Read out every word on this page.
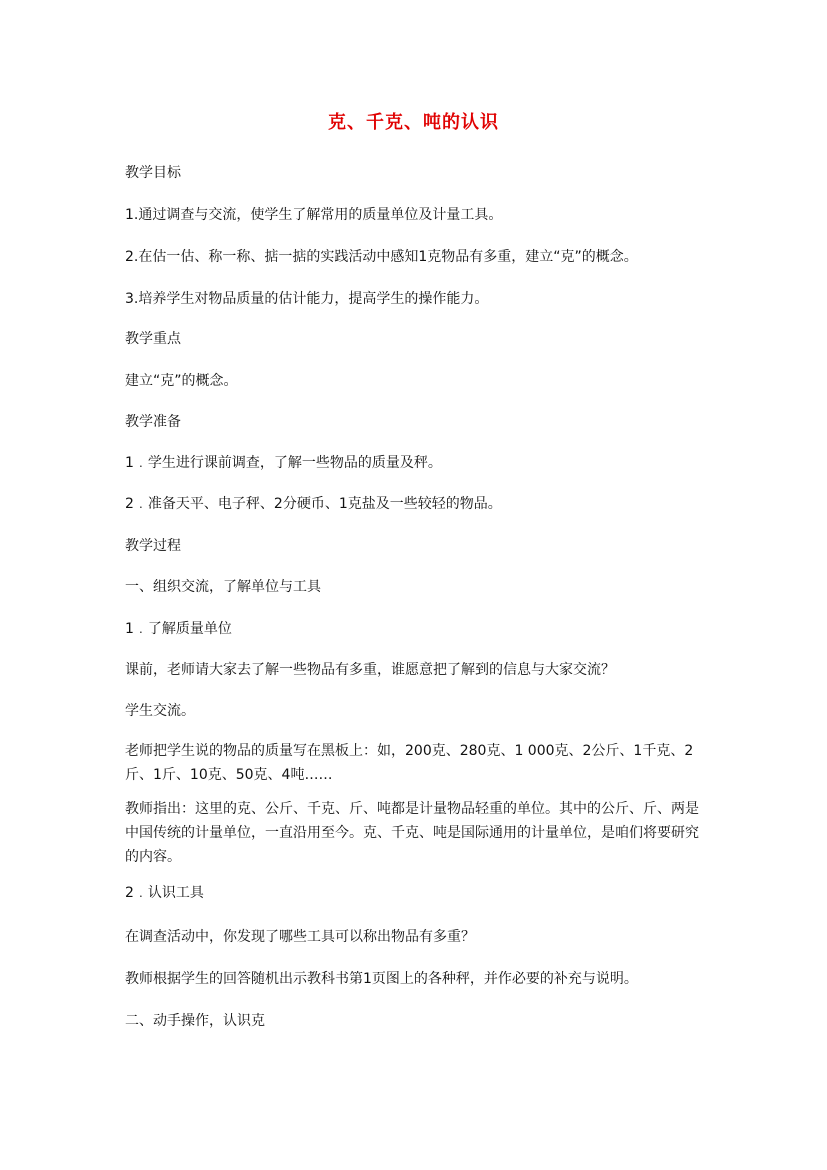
克、千克、吨的认识
教学目标
1.通过调查与交流，使学生了解常用的质量单位及计量工具。
2.在估一估、称一称、掂一掂的实践活动中感知1克物品有多重，建立“克”的概念。
3.培养学生对物品质量的估计能力，提高学生的操作能力。
教学重点
建立“克”的概念。
教学准备
1﹒学生进行课前调查，了解一些物品的质量及秤。
2﹒准备天平、电子秤、2分硬币、1克盐及一些较轻的物品。
教学过程
一、组织交流，了解单位与工具
1﹒了解质量单位
课前，老师请大家去了解一些物品有多重，谁愿意把了解到的信息与大家交流？
学生交流。
老师把学生说的物品的质量写在黑板上：如，200克、280克、1 000克、2公斤、1千克、2斤、1斤、10克、50克、4吨……
教师指出：这里的克、公斤、千克、斤、吨都是计量物品轻重的单位。其中的公斤、斤、两是中国传统的计量单位，一直沿用至今。克、千克、吨是国际通用的计量单位，是咱们将要研究的内容。
2﹒认识工具
在调查活动中，你发现了哪些工具可以称出物品有多重？
教师根据学生的回答随机出示教科书第1页图上的各种秤，并作必要的补充与说明。
二、动手操作，认识克
